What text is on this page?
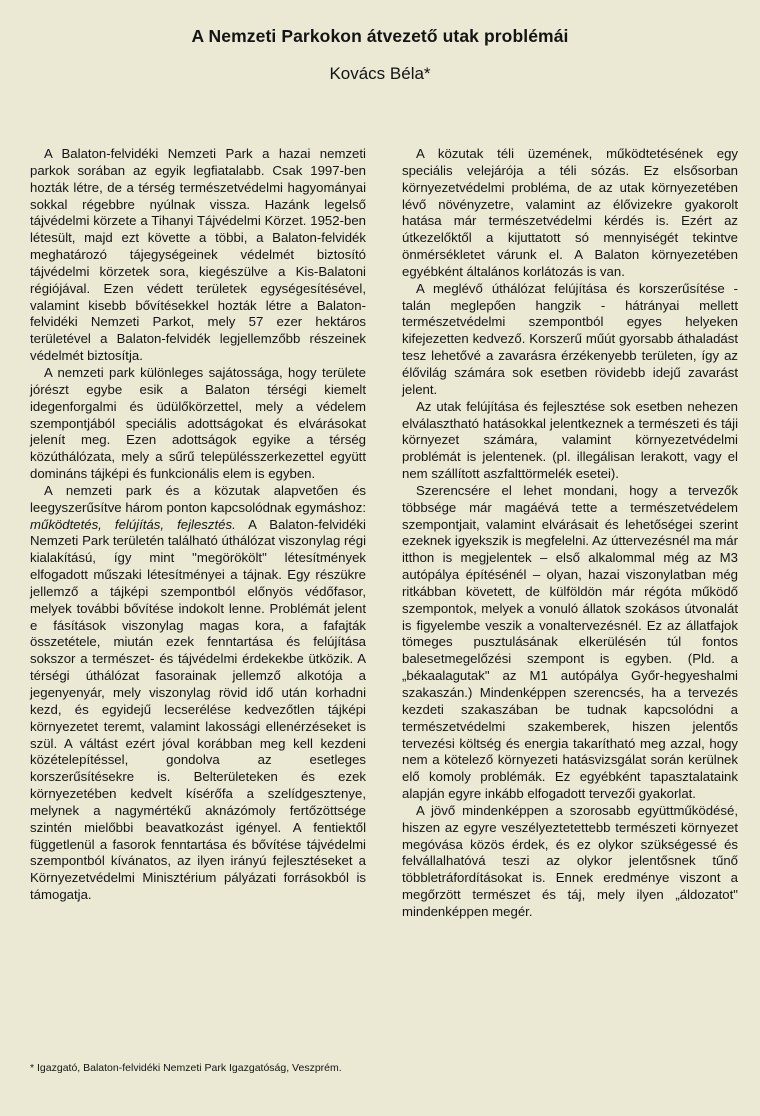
A Nemzeti Parkokon átvezető utak problémái
Kovács Béla*

A Balaton-felvidéki Nemzeti Park a hazai nemzeti parkok sorában az egyik legfiatalabb. Csak 1997-ben hozták létre, de a térség természetvédelmi hagyományai sokkal régebbre nyúlnak vissza. Hazánk legelső tájvédelmi körzete a Tihanyi Tájvédelmi Körzet. 1952-ben létesült, majd ezt követte a többi, a Balaton-felvidék meghatározó tájegységeinek védelmét biztosító tájvédelmi körzetek sora, kiegészülve a Kis-Balatoni régiójával. Ezen védett területek egységesítésével, valamint kisebb bővítésekkel hozták létre a Balaton-felvidéki Nemzeti Parkot, mely 57 ezer hektáros területével a Balaton-felvidék legjellemzőbb részeinek védelmét biztosítja.

A nemzeti park különleges sajátossága, hogy területe jórészt egybe esik a Balaton térségi kiemelt idegenforgalmi és üdülőkörzettel, mely a védelem szempontjából speciális adottságokat és elvárásokat jelenít meg. Ezen adottságok egyike a térség közúthálózata, mely a sűrű településszerkezettel együtt domináns tájképi és funkcionális elem is egyben.

A nemzeti park és a közutak alapvetően és leegyszerűsítve három ponton kapcsolódnak egymáshoz: működtetés, felújítás, fejlesztés. A Balaton-felvidéki Nemzeti Park területén található úthálózat viszonylag régi kialakítású, így mint "megörökölt" létesítmények elfogadott műszaki létesítményei a tájnak. Egy részükre jellemző a tájképi szempontból előnyös védőfasor, melyek további bővítése indokolt lenne. Problémát jelent e fásítások viszonylag magas kora, a fafajták összetétele, miután ezek fenntartása és felújítása sokszor a természet- és tájvédelmi érdekekbe ütközik. A térségi úthálózat fasorainak jellemző alkotója a jegenyenyár, mely viszonylag rövid idő után korhadni kezd, és egyidejű lecserélése kedvezőtlen tájképi környezetet teremt, valamint lakossági ellenérzéseket is szül. A váltást ezért jóval korábban meg kell kezdeni közételepítéssel, gondolva az esetleges korszerűsítésekre is. Belterületeken és ezek környezetében kedvelt kísérőfa a szelídgesztenye, melynek a nagymértékű aknázómoly fertőzöttsége szintén mielőbbi beavatkozást igényel. A fentiektől függetlenül a fasorok fenntartása és bővítése tájvédelmi szempontból kívánatos, az ilyen irányú fejlesztéseket a Környezetvédelmi Minisztérium pályázati forrásokból is támogatja.

A közutak téli üzemének, működtetésének egy speciális velejárója a téli sózás. Ez elsősorban környezetvédelmi probléma, de az utak környezetében lévő növényzetre, valamint az élővizekre gyakorolt hatása már természetvédelmi kérdés is. Ezért az útkezelőktől a kijuttatott só mennyiségét tekintve önmérsékletet várunk el. A Balaton környezetében egyébként általános korlátozás is van.

A meglévő úthálózat felújítása és korszerűsítése - talán meglepően hangzik - hátrányai mellett természetvédelmi szempontból egyes helyeken kifejezetten kedvező. Korszerű műút gyorsabb áthaladást tesz lehetővé a zavarásra érzékenyebb területen, így az élővilág számára sok esetben rövidebb idejű zavarást jelent.

Az utak felújítása és fejlesztése sok esetben nehezen elválasztható hatásokkal jelentkeznek a természeti és táji környezet számára, valamint környezetvédelmi problémát is jelentenek. (pl. illegálisan lerakott, vagy el nem szállított aszfalttörmelék esetei).

Szerencsére el lehet mondani, hogy a tervezők többsége már magáévá tette a természetvédelem szempontjait, valamint elvárásait és lehetőségei szerint ezeknek igyekszik is megfelelni. Az úttervezésnél ma már itthon is megjelentek – első alkalommal még az M3 autópálya építésénél – olyan, hazai viszonylatban még ritkábban követett, de külföldön már régóta működő szempontok, melyek a vonuló állatok szokásos útvonalát is figyelembe veszik a vonaltervezésnél. Ez az állatfajok tömeges pusztulásának elkerülésén túl fontos balesetmegelőzési szempont is egyben. (Pld. a „békaalagutak" az M1 autópálya Győr-hegyeshalmi szakaszán.) Mindenképpen szerencsés, ha a tervezés kezdeti szakaszában be tudnak kapcsolódni a természetvédelmi szakemberek, hiszen jelentős tervezési költség és energia takarítható meg azzal, hogy nem a kötelező környezeti hatásvizsgálat során kerülnek elő komoly problémák. Ez egyébként tapasztalataink alapján egyre inkább elfogadott tervezői gyakorlat.

A jövő mindenképpen a szorosabb együttműködésé, hiszen az egyre veszélyeztetettebb természeti környezet megóvása közös érdek, és ez olykor szükségessé és felvállalhatóvá teszi az olykor jelentősnek tűnő többletráfordításokat is. Ennek eredménye viszont a megőrzött természet és táj, mely ilyen „áldozatot" mindenképpen megér.

* Igazgató, Balaton-felvidéki Nemzeti Park Igazgatóság, Veszprém.
